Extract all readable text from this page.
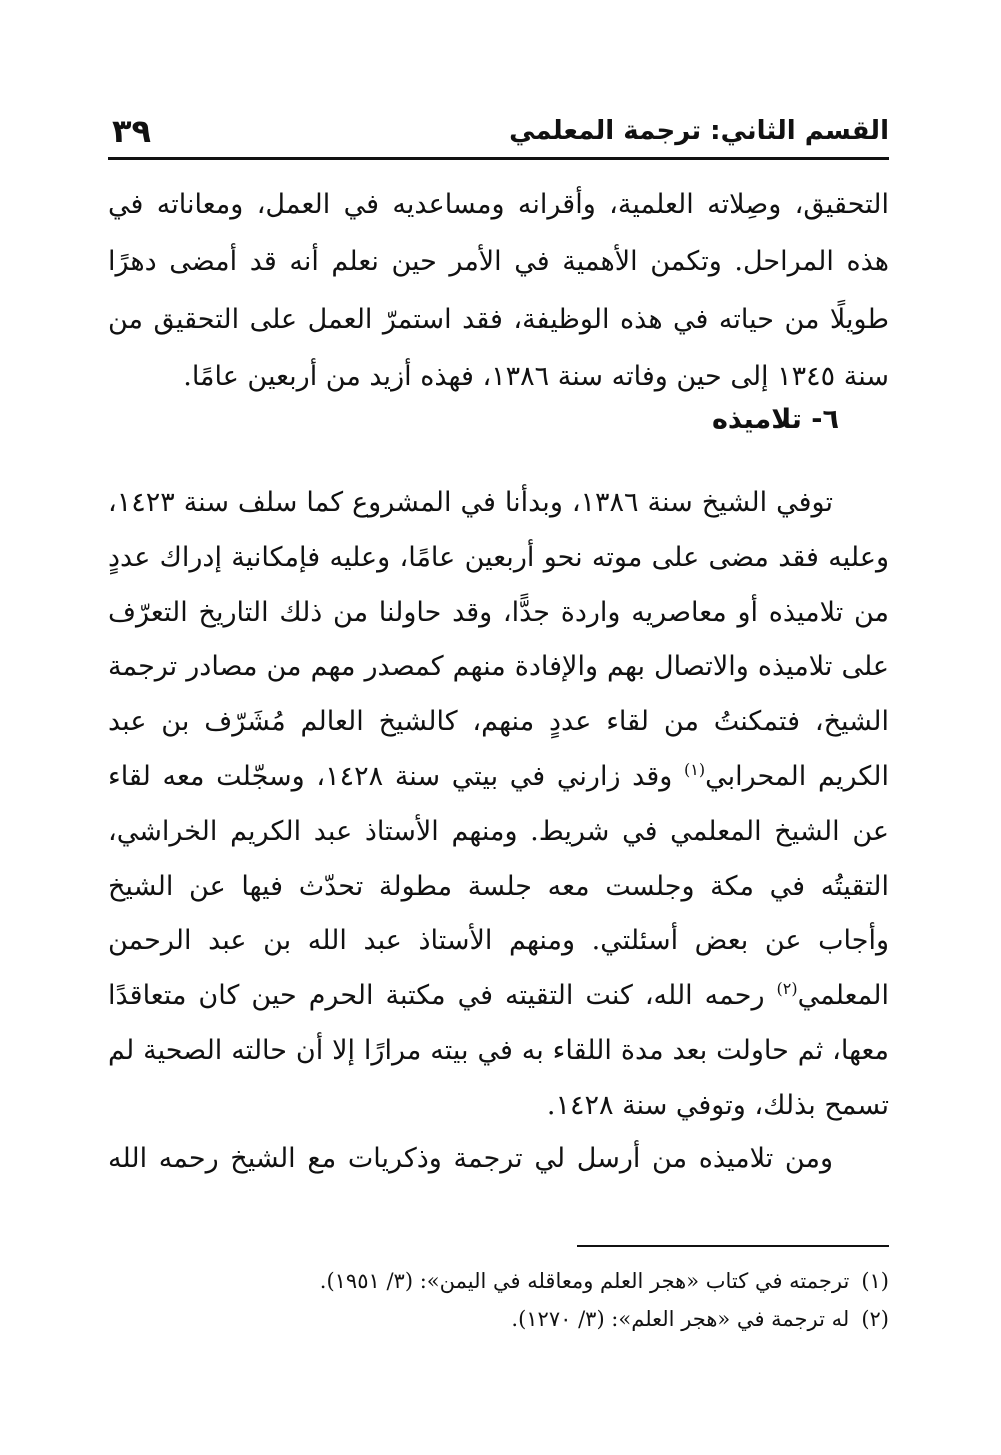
القسم الثاني: ترجمة المعلمي
٣٩

التحقيق، وصِلاته العلمية، وأقرانه ومساعديه في العمل، ومعاناته في هذه المراحل. وتكمن الأهمية في الأمر حين نعلم أنه قد أمضى دهرًا طويلًا من حياته في هذه الوظيفة، فقد استمرّ العمل على التحقيق من سنة ١٣٤٥ إلى حين وفاته سنة ١٣٨٦، فهذه أزيد من أربعين عامًا.

٦- تلاميذه

توفي الشيخ سنة ١٣٨٦، وبدأنا في المشروع كما سلف سنة ١٤٢٣، وعليه فقد مضى على موته نحو أربعين عامًا، وعليه فإمكانية إدراك عددٍ من تلاميذه أو معاصريه واردة جدًّا، وقد حاولنا من ذلك التاريخ التعرّف على تلاميذه والاتصال بهم والإفادة منهم كمصدر مهم من مصادر ترجمة الشيخ، فتمكنتُ من لقاء عددٍ منهم، كالشيخ العالم مُشَرّف بن عبد الكريم المحرابي$^{(١)}$ وقد زارني في بيتي سنة ١٤٢٨، وسجّلت معه لقاء عن الشيخ المعلمي في شريط. ومنهم الأستاذ عبد الكريم الخراشي، التقيتُه في مكة وجلست معه جلسة مطولة تحدّث فيها عن الشيخ وأجاب عن بعض أسئلتي. ومنهم الأستاذ عبد الله بن عبد الرحمن المعلمي$^{(٢)}$ رحمه الله، كنت التقيته في مكتبة الحرم حين كان متعاقدًا معها، ثم حاولت بعد مدة اللقاء به في بيته مرارًا إلا أن حالته الصحية لم تسمح بذلك، وتوفي سنة ١٤٢٨.

ومن تلاميذه من أرسل لي ترجمة وذكريات مع الشيخ رحمه الله

(١)ترجمته في كتاب «هجر العلم ومعاقله في اليمن»: (٣/ ١٩٥١).
(٢)له ترجمة في «هجر العلم»: (٣/ ١٢٧٠).
